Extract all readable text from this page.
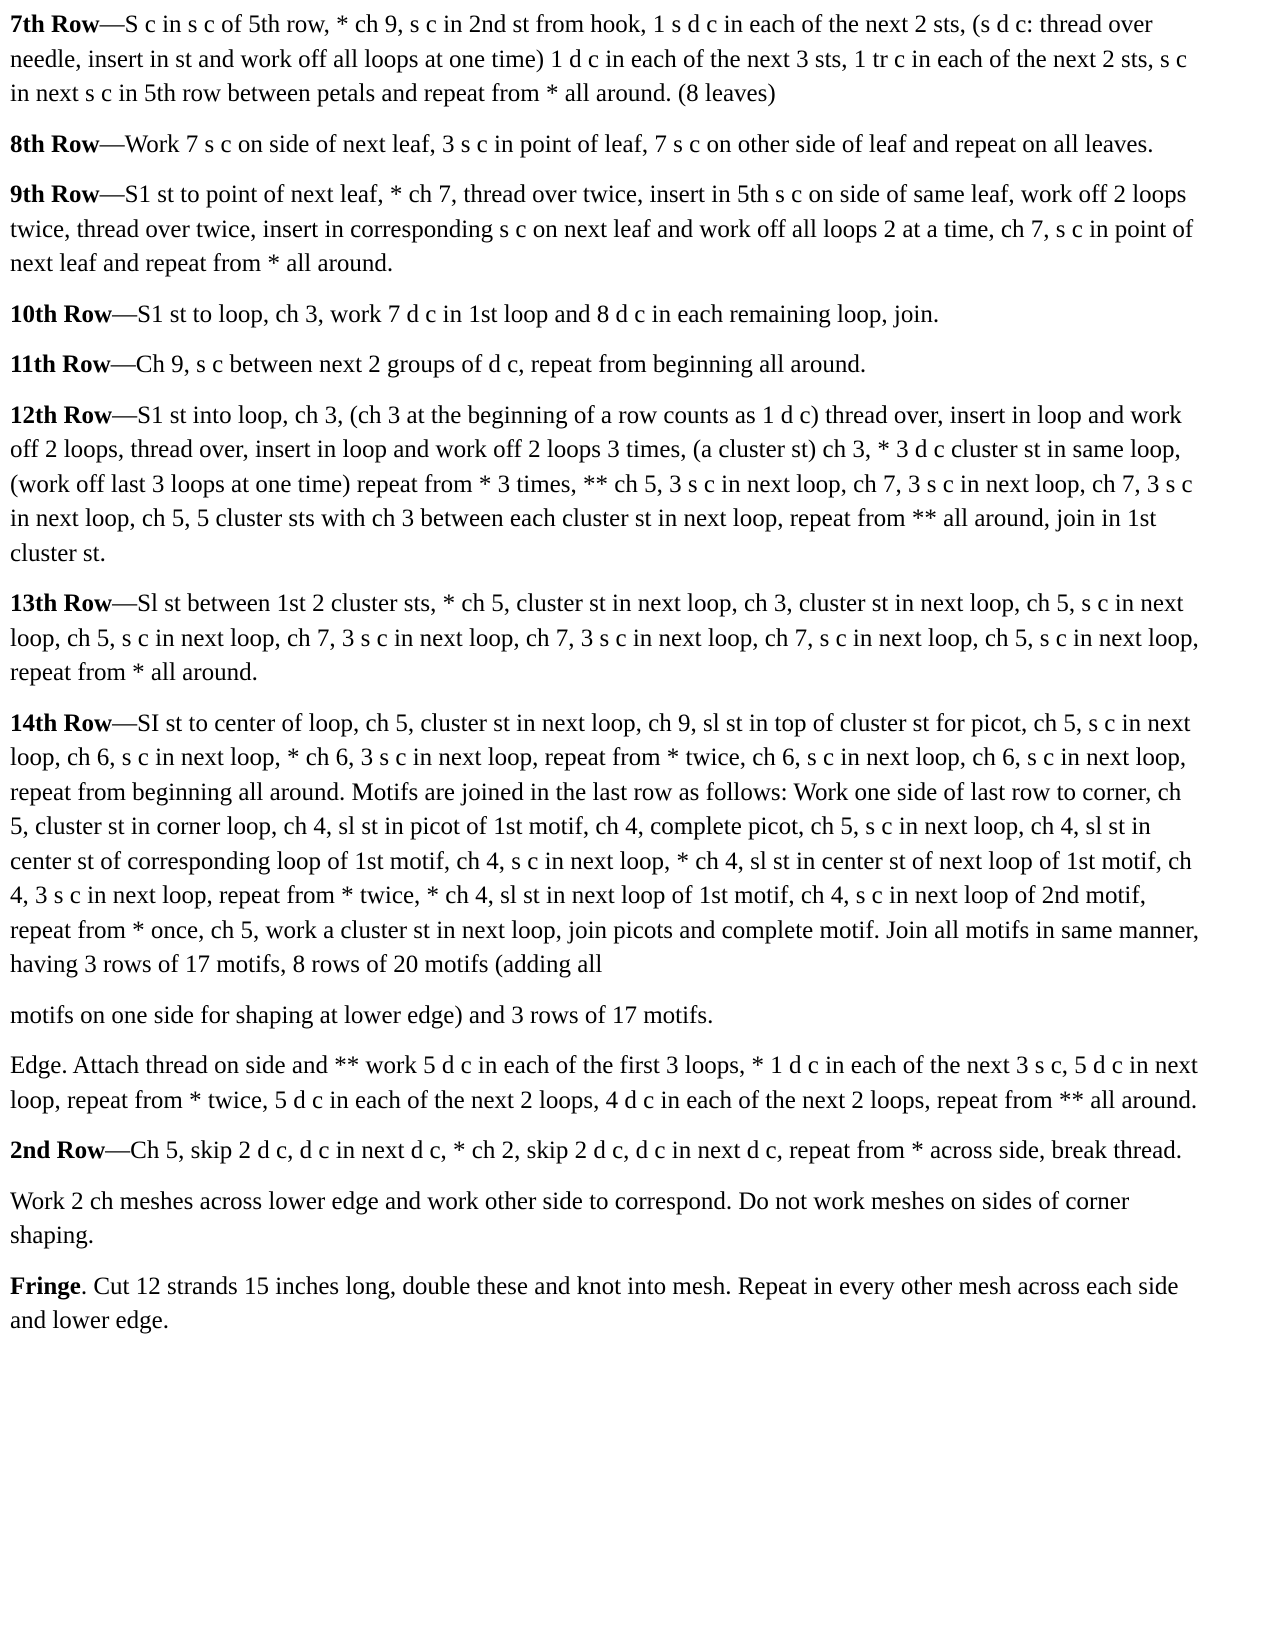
7th Row—S c in s c of 5th row, * ch 9, s c in 2nd st from hook, 1 s d c in each of the next 2 sts, (s d c: thread over needle, insert in st and work off all loops at one time) 1 d c in each of the next 3 sts, 1 tr c in each of the next 2 sts, s c in next s c in 5th row between petals and repeat from * all around. (8 leaves)

8th Row—Work 7 s c on side of next leaf, 3 s c in point of leaf, 7 s c on other side of leaf and repeat on all leaves.

9th Row—S1 st to point of next leaf, * ch 7, thread over twice, insert in 5th s c on side of same leaf, work off 2 loops twice, thread over twice, insert in corresponding s c on next leaf and work off all loops 2 at a time, ch 7, s c in point of next leaf and repeat from * all around.

10th Row—S1 st to loop, ch 3, work 7 d c in 1st loop and 8 d c in each remaining loop, join.

11th Row—Ch 9, s c between next 2 groups of d c, repeat from beginning all around.

12th Row—S1 st into loop, ch 3, (ch 3 at the beginning of a row counts as 1 d c) thread over, insert in loop and work off 2 loops, thread over, insert in loop and work off 2 loops 3 times, (a cluster st) ch 3, * 3 d c cluster st in same loop, (work off last 3 loops at one time) repeat from * 3 times, ** ch 5, 3 s c in next loop, ch 7, 3 s c in next loop, ch 7, 3 s c in next loop, ch 5, 5 cluster sts with ch 3 between each cluster st in next loop, repeat from ** all around, join in 1st cluster st.

13th Row—Sl st between 1st 2 cluster sts, * ch 5, cluster st in next loop, ch 3, cluster st in next loop, ch 5, s c in next loop, ch 5, s c in next loop, ch 7, 3 s c in next loop, ch 7, 3 s c in next loop, ch 7, s c in next loop, ch 5, s c in next loop, repeat from * all around.

14th Row—SI st to center of loop, ch 5, cluster st in next loop, ch 9, sl st in top of cluster st for picot, ch 5, s c in next loop, ch 6, s c in next loop, * ch 6, 3 s c in next loop, repeat from * twice, ch 6, s c in next loop, ch 6, s c in next loop, repeat from beginning all around. Motifs are joined in the last row as follows: Work one side of last row to corner, ch 5, cluster st in corner loop, ch 4, sl st in picot of 1st motif, ch 4, complete picot, ch 5, s c in next loop, ch 4, sl st in center st of corresponding loop of 1st motif, ch 4, s c in next loop, * ch 4, sl st in center st of next loop of 1st motif, ch 4, 3 s c in next loop, repeat from * twice, * ch 4, sl st in next loop of 1st motif, ch 4, s c in next loop of 2nd motif, repeat from * once, ch 5, work a cluster st in next loop, join picots and complete motif. Join all motifs in same manner, having 3 rows of 17 motifs, 8 rows of 20 motifs (adding all

motifs on one side for shaping at lower edge) and 3 rows of 17 motifs.

Edge. Attach thread on side and ** work 5 d c in each of the first 3 loops, * 1 d c in each of the next 3 s c, 5 d c in next loop, repeat from * twice, 5 d c in each of the next 2 loops, 4 d c in each of the next 2 loops, repeat from ** all around.

2nd Row—Ch 5, skip 2 d c, d c in next d c, * ch 2, skip 2 d c, d c in next d c, repeat from * across side, break thread.

Work 2 ch meshes across lower edge and work other side to correspond. Do not work meshes on sides of corner shaping.

Fringe. Cut 12 strands 15 inches long, double these and knot into mesh. Repeat in every other mesh across each side and lower edge.
